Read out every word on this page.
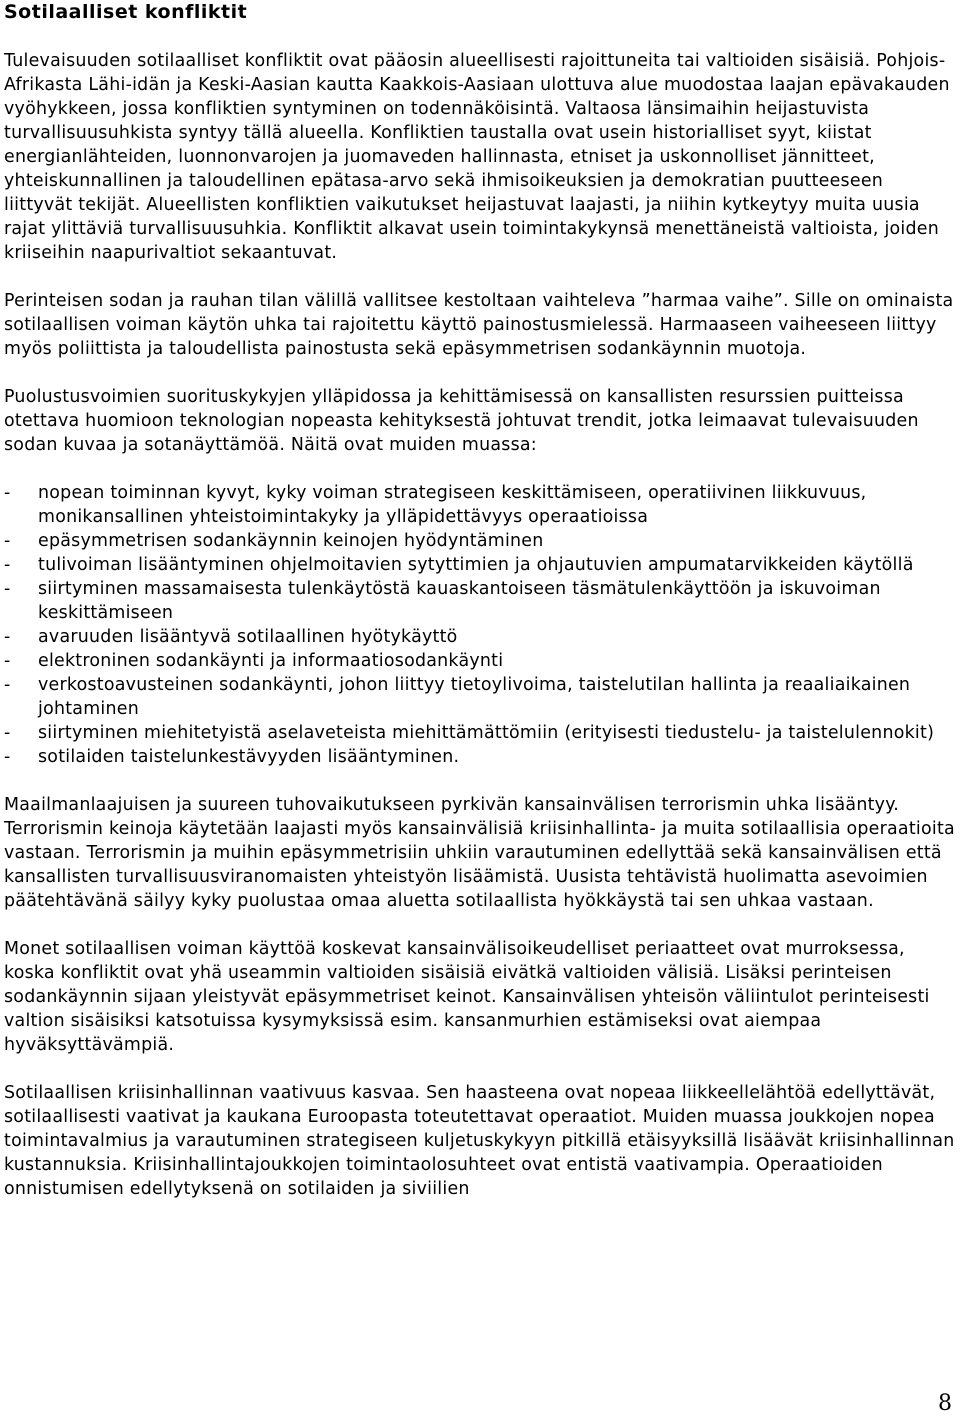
Sotilaalliset konfliktit

Tulevaisuuden sotilaalliset konfliktit ovat pääosin alueellisesti rajoittuneita tai valtioiden sisäisiä. Pohjois-Afrikasta Lähi-idän ja Keski-Aasian kautta Kaakkois-Aasiaan ulottuva alue muodostaa laajan epävakauden vyöhykkeen, jossa konfliktien syntyminen on todennäköisintä. Valtaosa länsimaihin heijastuvista turvallisuusuhkista syntyy tällä alueella. Konfliktien taustalla ovat usein historialliset syyt, kiistat energianlähteiden, luonnonvarojen ja juomaveden hallinnasta, etniset ja uskonnolliset jännitteet, yhteiskunnallinen ja taloudellinen epätasa-arvo sekä ihmisoikeuksien ja demokratian puutteeseen liittyvät tekijät. Alueellisten konfliktien vaikutukset heijastuvat laajasti, ja niihin kytkeytyy muita uusia rajat ylittäviä turvallisuusuhkia. Konfliktit alkavat usein toimintakykynsä menettäneistä valtioista, joiden kriiseihin naapurivaltiot sekaantuvat.

Perinteisen sodan ja rauhan tilan välillä vallitsee kestoltaan vaihteleva ”harmaa vaihe”. Sille on ominaista sotilaallisen voiman käytön uhka tai rajoitettu käyttö painostusmielessä. Harmaaseen vaiheeseen liittyy myös poliittista ja taloudellista painostusta sekä epäsymmetrisen sodankäynnin muotoja.

Puolustusvoimien suorituskykyjen ylläpidossa ja kehittämisessä on kansallisten resurssien puitteissa otettava huomioon teknologian nopeasta kehityksestä johtuvat trendit, jotka leimaavat tulevaisuuden sodan kuvaa ja sotanäyttämöä. Näitä ovat muiden muassa:

- nopean toiminnan kyvyt, kyky voiman strategiseen keskittämiseen, operatiivinen liikkuvuus, monikansallinen yhteistoimintakyky ja ylläpidettävyys operaatioissa
- epäsymmetrisen sodankäynnin keinojen hyödyntäminen
- tulivoiman lisääntyminen ohjelmoitavien sytyttimien ja ohjautuvien ampumatarvikkeiden käytöllä
- siirtyminen massamaisesta tulenkäytöstä kauaskantoiseen täsmätulenkäyttöön ja iskuvoiman keskittämiseen
- avaruuden lisääntyvä sotilaallinen hyötykäyttö
- elektroninen sodankäynti ja informaatiosodankäynti
- verkostoavusteinen sodankäynti, johon liittyy tietoylivoima, taistelutilan hallinta ja reaaliaikainen johtaminen
- siirtyminen miehitetyistä aselaveteista miehittämättömiin (erityisesti tiedustelu- ja taistelulennokit)
- sotilaiden taistelunkestävyyden lisääntyminen.

Maailmanlaajuisen ja suureen tuhovaikutukseen pyrkivän kansainvälisen terrorismin uhka lisääntyy. Terrorismin keinoja käytetään laajasti myös kansainvälisiä kriisinhallinta- ja muita sotilaallisia operaatioita vastaan. Terrorismin ja muihin epäsymmetrisiin uhkiin varautuminen edellyttää sekä kansainvälisen että kansallisten turvallisuusviranomaisten yhteistyön lisäämistä. Uusista tehtävistä huolimatta asevoimien päätehtävänä säilyy kyky puolustaa omaa aluetta sotilaallista hyökkäystä tai sen uhkaa vastaan.

Monet sotilaallisen voiman käyttöä koskevat kansainvälisoikeudelliset periaatteet ovat murroksessa, koska konfliktit ovat yhä useammin valtioiden sisäisiä eivätkä valtioiden välisiä. Lisäksi perinteisen sodankäynnin sijaan yleistyvät epäsymmetriset keinot. Kansainvälisen yhteisön väliintulot perinteisesti valtion sisäisiksi katsotuissa kysymyksissä esim. kansanmurhien estämiseksi ovat aiempaa hyväksyttävämpiä.

Sotilaallisen kriisinhallinnan vaativuus kasvaa. Sen haasteena ovat nopeaa liikkeellelähtöä edellyttävät, sotilaallisesti vaativat ja kaukana Euroopasta toteutettavat operaatiot. Muiden muassa joukkojen nopea toimintavalmius ja varautuminen strategiseen kuljetuskykyyn pitkillä etäisyyksillä lisäävät kriisinhallinnan kustannuksia. Kriisinhallintajoukkojen toimintaolosuhteet ovat entistä vaativampia. Operaatioiden onnistumisen edellytyksenä on sotilaiden ja siviilien

8
